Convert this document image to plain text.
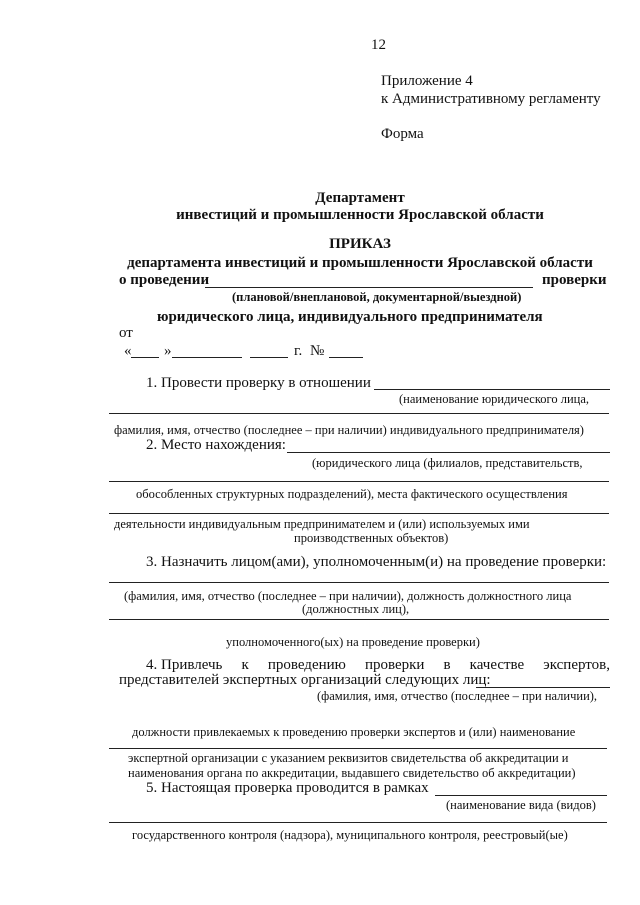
12
Приложение 4
к Административному регламенту
Форма
Департамент
инвестиций и промышленности Ярославской области
ПРИКАЗ
департамента инвестиций и промышленности Ярославской области
о проведении	проверки
(плановой/внеплановой, документарной/выездной)
юридического лица, индивидуального предпринимателя
от
« »	г. №
1. Провести проверку в отношении
(наименование юридического лица,
фамилия, имя, отчество (последнее – при наличии) индивидуального предпринимателя)
2. Место нахождения:
(юридического лица (филиалов, представительств,
обособленных структурных подразделений), места фактического осуществления
деятельности индивидуальным предпринимателем и (или) используемых ими
производственных объектов)
3. Назначить лицом(ами), уполномоченным(и) на проведение проверки:
(фамилия, имя, отчество (последнее – при наличии), должность должностного лица
(должностных лиц),
уполномоченного(ых) на проведение проверки)
4. Привлечь к проведению проверки в качестве экспертов,
представителей экспертных организаций следующих лиц:
(фамилия, имя, отчество (последнее – при наличии),
должности привлекаемых к проведению проверки экспертов и (или) наименование
экспертной организации с указанием реквизитов свидетельства об аккредитации и
наименования органа по аккредитации, выдавшего свидетельство об аккредитации)
5. Настоящая проверка проводится в рамках
(наименование вида (видов)
государственного контроля (надзора), муниципального контроля, реестровый(ые)
